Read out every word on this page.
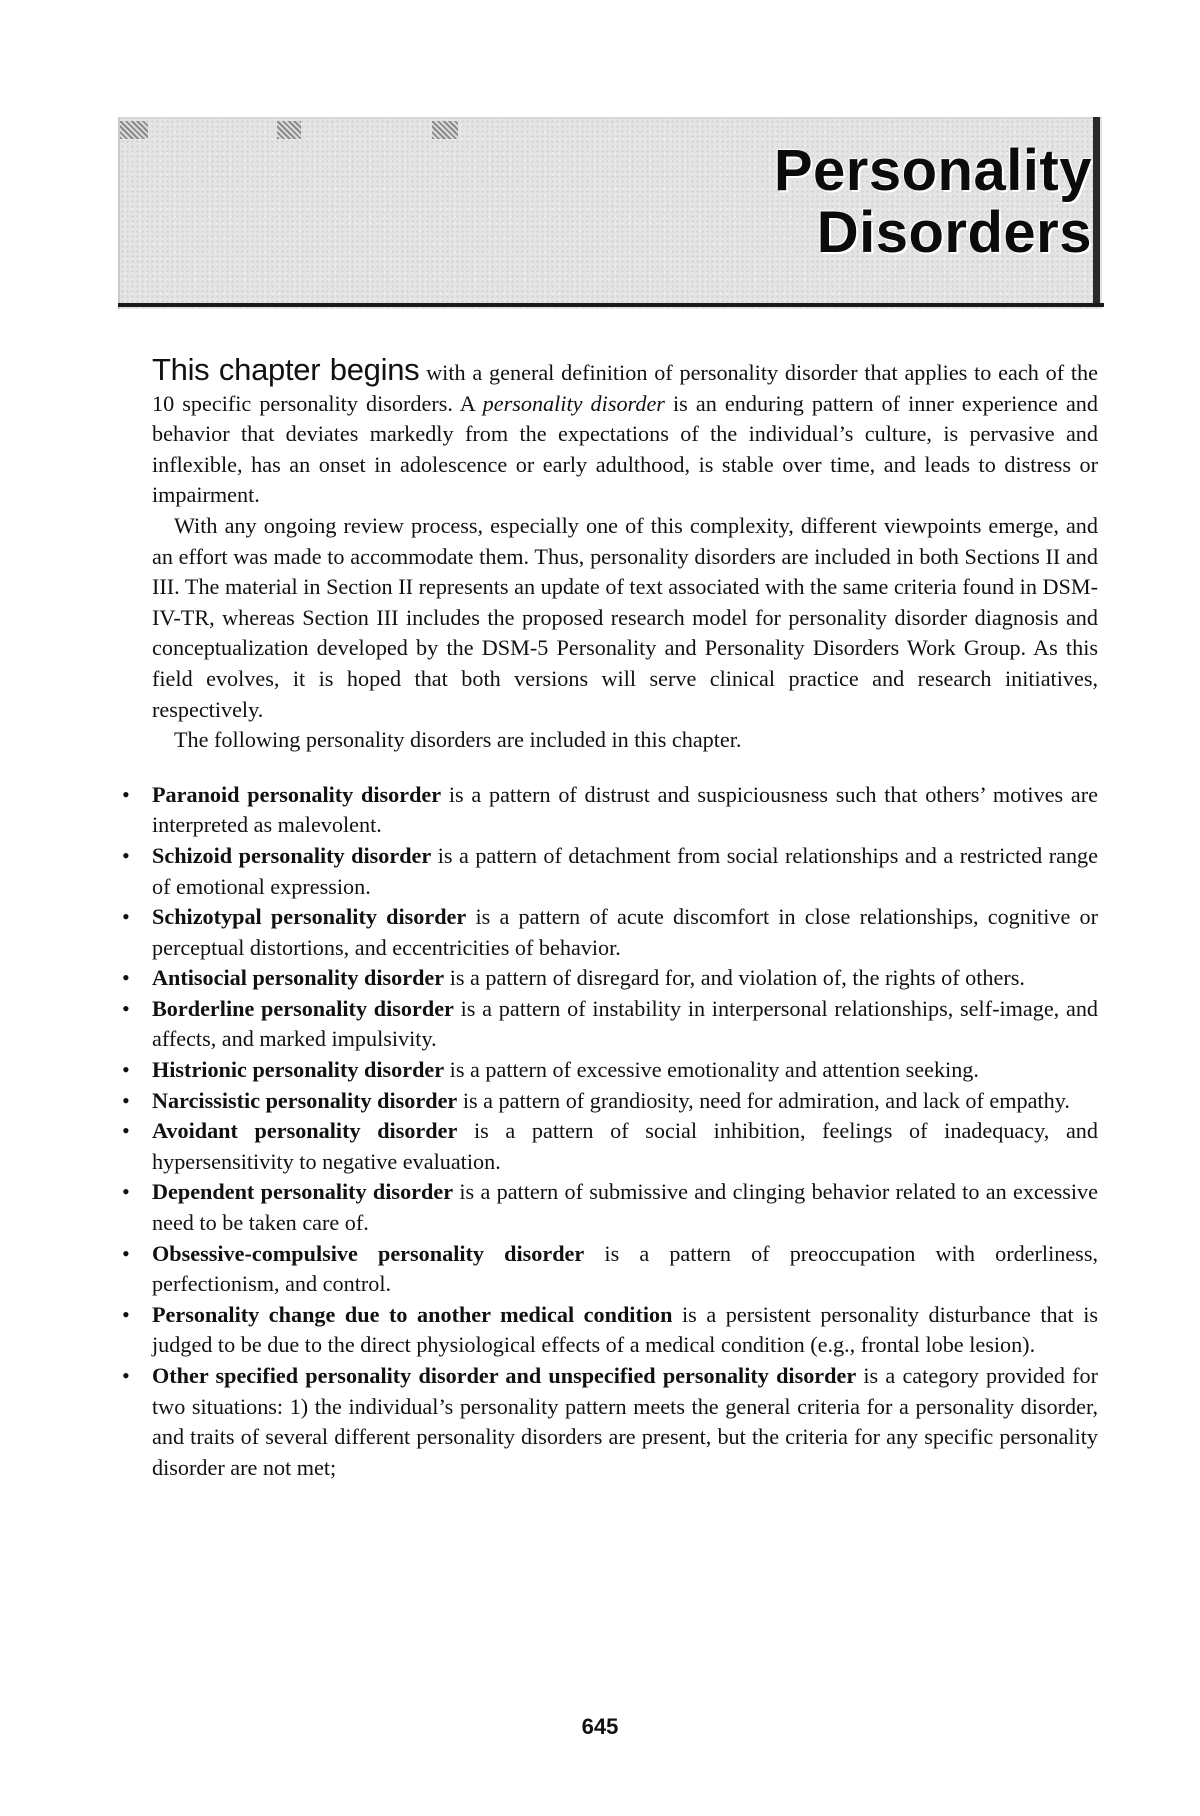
Personality
Disorders

This chapter begins with a general definition of personality disorder that applies to each of the 10 specific personality disorders. A personality disorder is an enduring pattern of inner experience and behavior that deviates markedly from the expectations of the individual’s culture, is pervasive and inflexible, has an onset in adolescence or early adulthood, is stable over time, and leads to distress or impairment.

With any ongoing review process, especially one of this complexity, different viewpoints emerge, and an effort was made to accommodate them. Thus, personality disorders are included in both Sections II and III. The material in Section II represents an update of text associated with the same criteria found in DSM-IV-TR, whereas Section III includes the proposed research model for personality disorder diagnosis and conceptualization developed by the DSM-5 Personality and Personality Disorders Work Group. As this field evolves, it is hoped that both versions will serve clinical practice and research initiatives, respectively.

The following personality disorders are included in this chapter.

• Paranoid personality disorder is a pattern of distrust and suspiciousness such that others’ motives are interpreted as malevolent.
• Schizoid personality disorder is a pattern of detachment from social relationships and a restricted range of emotional expression.
• Schizotypal personality disorder is a pattern of acute discomfort in close relationships, cognitive or perceptual distortions, and eccentricities of behavior.
• Antisocial personality disorder is a pattern of disregard for, and violation of, the rights of others.
• Borderline personality disorder is a pattern of instability in interpersonal relationships, self-image, and affects, and marked impulsivity.
• Histrionic personality disorder is a pattern of excessive emotionality and attention seeking.
• Narcissistic personality disorder is a pattern of grandiosity, need for admiration, and lack of empathy.
• Avoidant personality disorder is a pattern of social inhibition, feelings of inadequacy, and hypersensitivity to negative evaluation.
• Dependent personality disorder is a pattern of submissive and clinging behavior related to an excessive need to be taken care of.
• Obsessive-compulsive personality disorder is a pattern of preoccupation with orderliness, perfectionism, and control.
• Personality change due to another medical condition is a persistent personality disturbance that is judged to be due to the direct physiological effects of a medical condition (e.g., frontal lobe lesion).
• Other specified personality disorder and unspecified personality disorder is a category provided for two situations: 1) the individual’s personality pattern meets the general criteria for a personality disorder, and traits of several different personality disorders are present, but the criteria for any specific personality disorder are not met;
645
